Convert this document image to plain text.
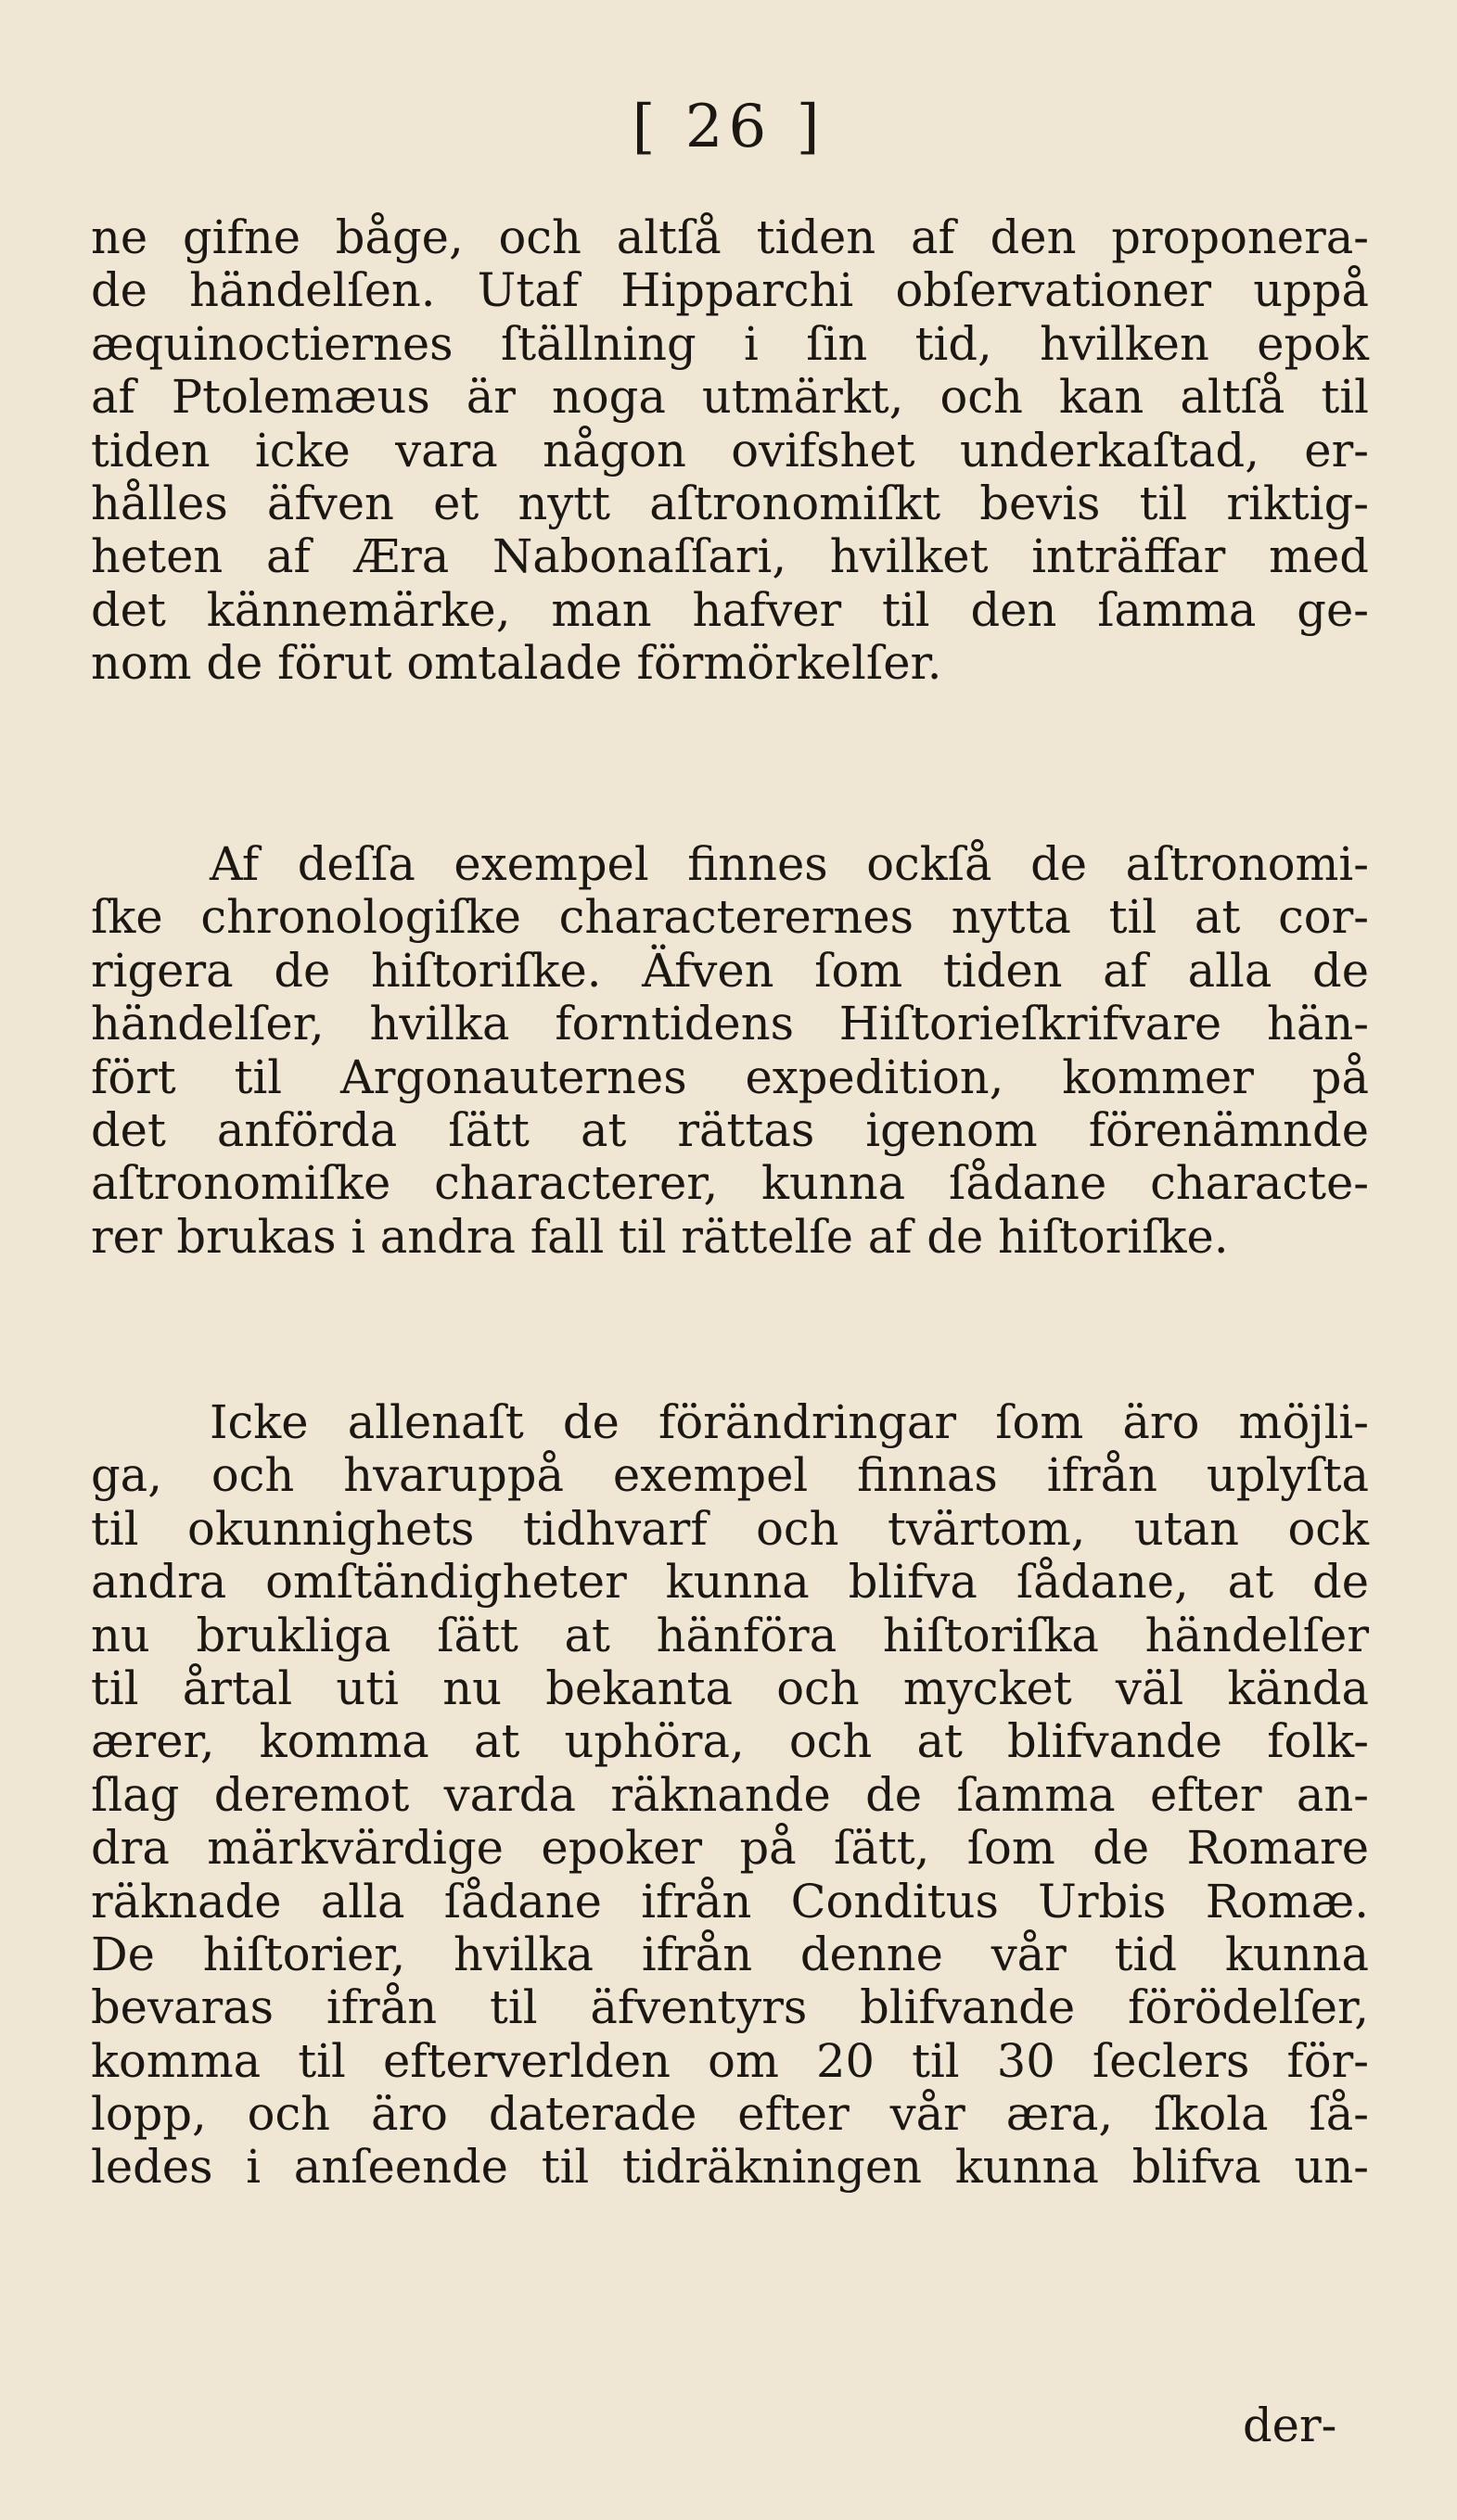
[ 26 ]
ne gifne båge, och altſå tiden af den proponera-
de händelſen. Utaf Hipparchi obſervationer uppå
æquinoctiernes ſtällning i ſin tid, hvilken epok
af Ptolemæus är noga utmärkt, och kan altſå til
tiden icke vara någon ovifshet underkaſtad, er-
hålles äfven et nytt aſtronomiſkt bevis til riktig-
heten af Æra Nabonaſſari, hvilket inträffar med
det kännemärke, man hafver til den ſamma ge-
nom de förut omtalade förmörkelſer.
Af deſſa exempel finnes ockſå de aſtronomi-
ſke chronologiſke characterernes nytta til at cor-
rigera de hiſtoriſke. Äfven ſom tiden af alla de
händelſer, hvilka forntidens Hiſtorieſkrifvare hän-
fört til Argonauternes expedition, kommer på
det anförda ſätt at rättas igenom förenämnde
aſtronomiſke characterer, kunna ſådane characte-
rer brukas i andra fall til rättelſe af de hiſtoriſke.
Icke allenaſt de förändringar ſom äro möjli-
ga, och hvaruppå exempel finnas ifrån uplyſta
til okunnighets tidhvarf och tvärtom, utan ock
andra omſtändigheter kunna blifva ſådane, at de
nu brukliga ſätt at hänföra hiſtoriſka händelſer
til årtal uti nu bekanta och mycket väl kända
ærer, komma at uphöra, och at blifvande folk-
ſlag deremot varda räknande de ſamma efter an-
dra märkvärdige epoker på ſätt, ſom de Romare
räknade alla ſådane ifrån Conditus Urbis Romæ.
De hiſtorier, hvilka ifrån denne vår tid kunna
bevaras ifrån til äfventyrs blifvande förödelſer,
komma til efterverlden om 20 til 30 ſeclers för-
lopp, och äro daterade efter vår æra, ſkola ſå-
ledes i anſeende til tidräkningen kunna blifva un-
der-
